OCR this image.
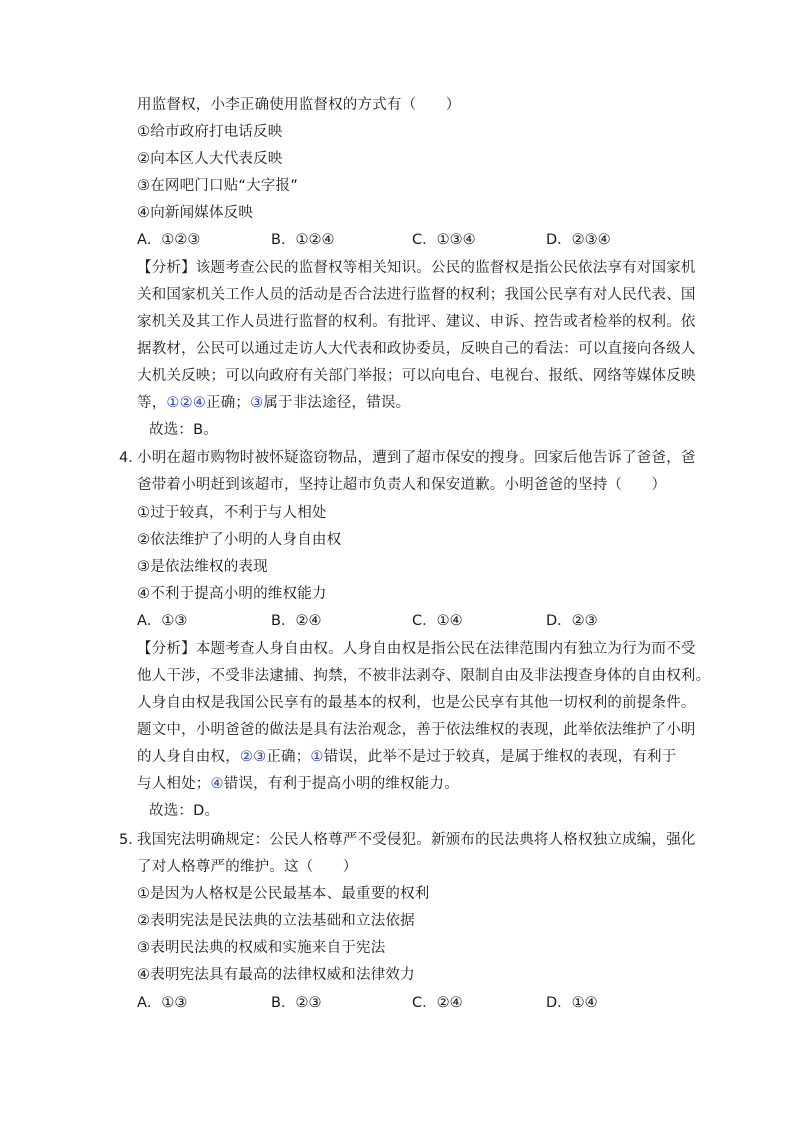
用监督权，小李正确使用监督权的方式有（　　）
①给市政府打电话反映
②向本区人大代表反映
③在网吧门口贴“大字报”
④向新闻媒体反映
A．①②③	B．①②④	C．①③④	D．②③④
【分析】该题考查公民的监督权等相关知识。公民的监督权是指公民依法享有对国家机
关和国家机关工作人员的活动是否合法进行监督的权利；我国公民享有对人民代表、国
家机关及其工作人员进行监督的权利。有批评、建议、申诉、控告或者检举的权利。依
据教材，公民可以通过走访人大代表和政协委员，反映自己的看法：可以直接向各级人
大机关反映；可以向政府有关部门举报；可以向电台、电视台、报纸、网络等媒体反映
等，①②④正确；③属于非法途径，错误。
故选：B。
4．
小明在超市购物时被怀疑盗窃物品，遭到了超市保安的搜身。回家后他告诉了爸爸，爸
爸带着小明赶到该超市，坚持让超市负责人和保安道歉。小明爸爸的坚持（　　）
①过于较真，不利于与人相处
②依法维护了小明的人身自由权
③是依法维权的表现
④不利于提高小明的维权能力
A．①③	B．②④	C．①④	D．②③
【分析】本题考查人身自由权。人身自由权是指公民在法律范围内有独立为行为而不受
他人干涉，不受非法逮捕、拘禁，不被非法剥夺、限制自由及非法搜查身体的自由权利。
人身自由权是我国公民享有的最基本的权利，也是公民享有其他一切权利的前提条件。
题文中，小明爸爸的做法是具有法治观念，善于依法维权的表现，此举依法维护了小明
的人身自由权，②③正确；①错误，此举不是过于较真，是属于维权的表现，有利于
与人相处；④错误，有利于提高小明的维权能力。
故选：D。
5．
我国宪法明确规定：公民人格尊严不受侵犯。新颁布的民法典将人格权独立成编，强化
了对人格尊严的维护。这（　　）
①是因为人格权是公民最基本、最重要的权利
②表明宪法是民法典的立法基础和立法依据
③表明民法典的权威和实施来自于宪法
④表明宪法具有最高的法律权威和法律效力
A．①③	B．②③	C．②④	D．①④
